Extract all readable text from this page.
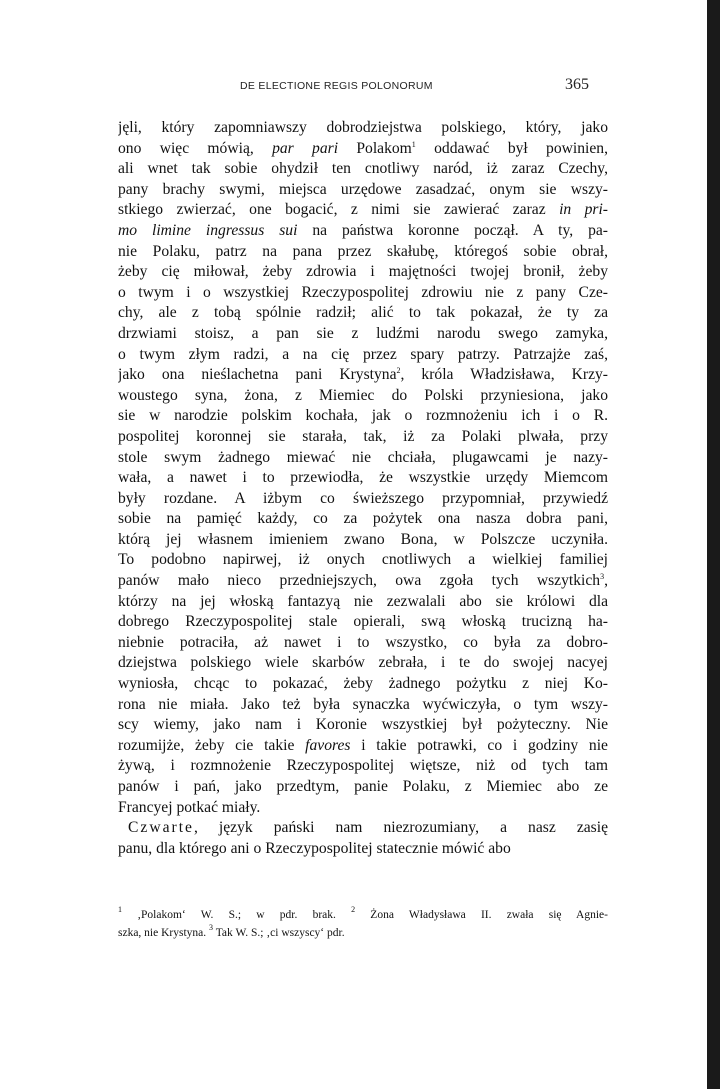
DE ELECTIONE REGIS POLONORUM	365
jęli, który zapomniawszy dobrodziejstwa polskiego, który, jako
ono więc mówią, par pari Polakom$^1$ oddawać był powinien,
ali wnet tak sobie ohydził ten cnotliwy naród, iż zaraz Czechy,
pany brachy swymi, miejsca urzędowe zasadzać, onym sie wszy-
stkiego zwierzać, one bogacić, z nimi sie zawierać zaraz in pri-
mo limine ingressus sui na państwa koronne począł. A ty, pa-
nie Polaku, patrz na pana przez skałubę, któregoś sobie obrał,
żeby cię miłował, żeby zdrowia i majętności twojej bronił, żeby
o twym i o wszystkiej Rzeczypospolitej zdrowiu nie z pany Cze-
chy, ale z tobą spólnie radził; alić to tak pokazał, że ty za
drzwiami stoisz, a pan sie z ludźmi narodu swego zamyka,
o twym złym radzi, a na cię przez spary patrzy. Patrzajże zaś,
jako ona nieślachetna pani Krystyna$^2$, króla Władzisława, Krzy-
woustego syna, żona, z Miemiec do Polski przyniesiona, jako
sie w narodzie polskim kochała, jak o rozmnożeniu ich i o R.
pospolitej koronnej sie starała, tak, iż za Polaki plwała, przy
stole swym żadnego miewać nie chciała, plugawcami je nazy-
wała, a nawet i to przewiodła, że wszystkie urzędy Miemcom
były rozdane. A iżbym co świeższego przypomniał, przywiedź
sobie na pamięć każdy, co za pożytek ona nasza dobra pani,
którą jej własnem imieniem zwano Bona, w Polszcze uczyniła.
To podobno napirwej, iż onych cnotliwych a wielkiej familiej
panów mało nieco przedniejszych, owa zgoła tych wszytkich$^3$,
którzy na jej włoską fantazyą nie zezwalali abo sie królowi dla
dobrego Rzeczypospolitej stale opierali, swą włoską trucizną ha-
niebnie potraciła, aż nawet i to wszystko, co była za dobro-
dziejstwa polskiego wiele skarbów zebrała, i te do swojej nacyej
wyniosła, chcąc to pokazać, żeby żadnego pożytku z niej Ko-
rona nie miała. Jako też była synaczka wyćwiczyła, o tym wszy-
scy wiemy, jako nam i Koronie wszystkiej był pożyteczny. Nie
rozumijże, żeby cie takie favores i takie potrawki, co i godziny nie
żywą, i rozmnożenie Rzeczypospolitej więtsze, niż od tych tam
panów i pań, jako przedtym, panie Polaku, z Miemiec abo ze
Francyej potkać miały.
Czwarte, język pański nam niezrozumiany, a nasz zasię
panu, dla którego ani o Rzeczypospolitej statecznie mówić abo
$^1$ ‚Polakom‘ W. S.; w pdr. brak. $^2$ Żona Władysława II. zwała się Agnie-
szka, nie Krystyna. $^3$ Tak W. S.; ‚ci wszyscy‘ pdr.
